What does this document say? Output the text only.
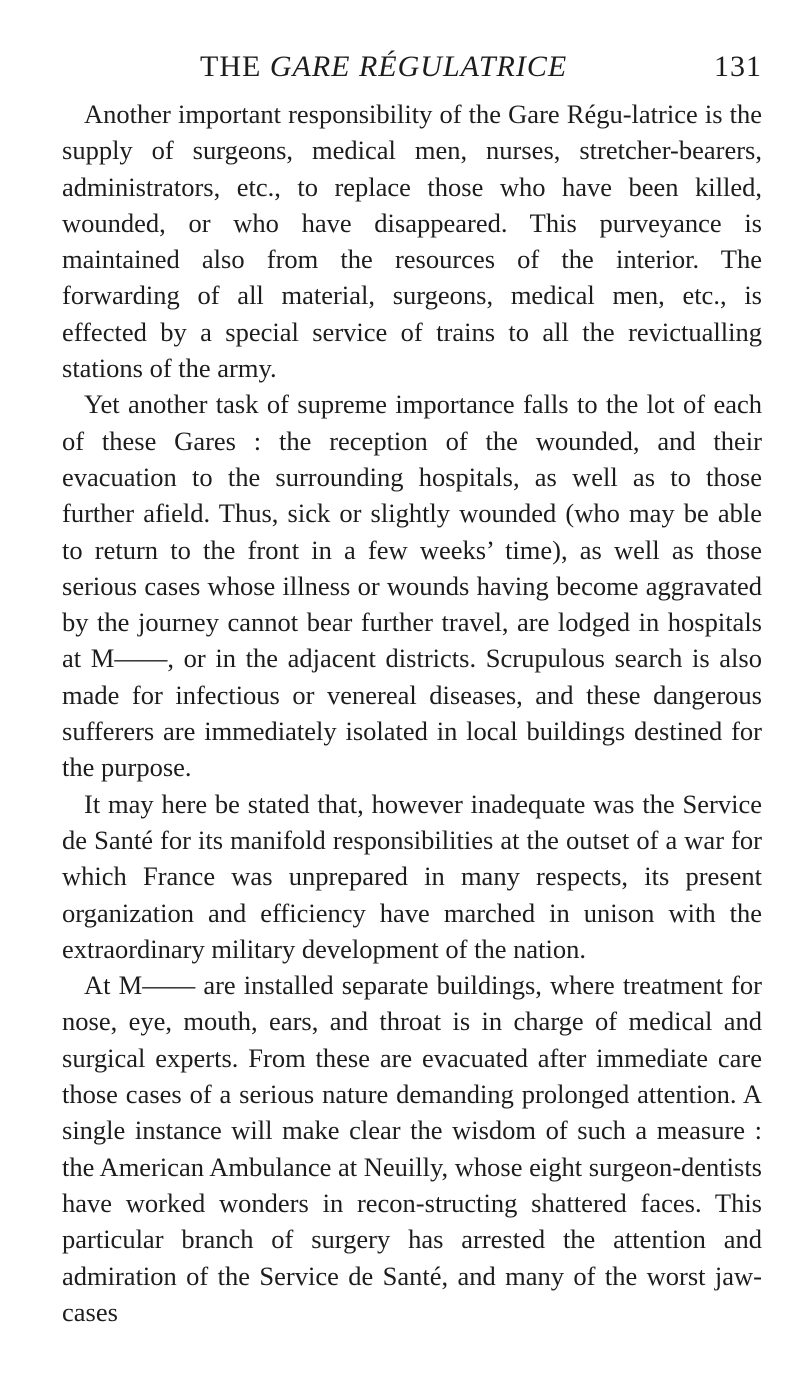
THE GARE RÉGULATRICE	131

Another important responsibility of the Gare Régu-latrice is the supply of surgeons, medical men, nurses, stretcher-bearers, administrators, etc., to replace those who have been killed, wounded, or who have disappeared. This purveyance is maintained also from the resources of the interior. The forwarding of all material, surgeons, medical men, etc., is effected by a special service of trains to all the revictualling stations of the army.

Yet another task of supreme importance falls to the lot of each of these Gares : the reception of the wounded, and their evacuation to the surrounding hospitals, as well as to those further afield. Thus, sick or slightly wounded (who may be able to return to the front in a few weeks’ time), as well as those serious cases whose illness or wounds having become aggravated by the journey cannot bear further travel, are lodged in hospitals at M——, or in the adjacent districts. Scrupulous search is also made for infectious or venereal diseases, and these dangerous sufferers are immediately isolated in local buildings destined for the purpose.

It may here be stated that, however inadequate was the Service de Santé for its manifold responsibilities at the outset of a war for which France was unprepared in many respects, its present organization and efficiency have marched in unison with the extraordinary military development of the nation.

At M—— are installed separate buildings, where treatment for nose, eye, mouth, ears, and throat is in charge of medical and surgical experts. From these are evacuated after immediate care those cases of a serious nature demanding prolonged attention. A single instance will make clear the wisdom of such a measure : the American Ambulance at Neuilly, whose eight surgeon-dentists have worked wonders in recon-structing shattered faces. This particular branch of surgery has arrested the attention and admiration of the Service de Santé, and many of the worst jaw-cases
